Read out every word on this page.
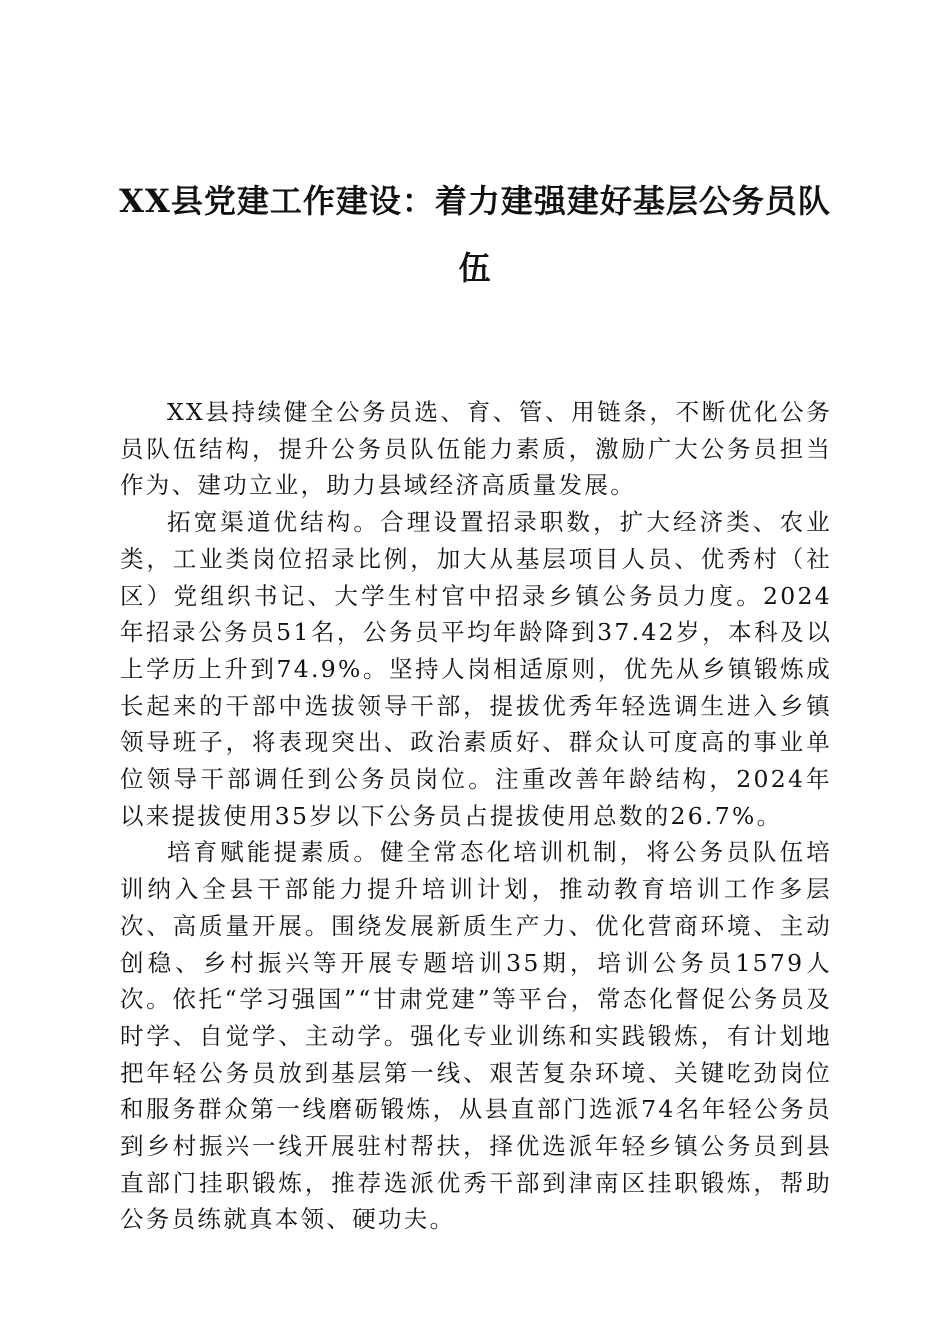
XX县党建工作建设：着力建强建好基层公务员队伍

XX县持续健全公务员选、育、管、用链条，不断优化公务员队伍结构，提升公务员队伍能力素质，激励广大公务员担当作为、建功立业，助力县域经济高质量发展。

拓宽渠道优结构。合理设置招录职数，扩大经济类、农业类，工业类岗位招录比例，加大从基层项目人员、优秀村（社区）党组织书记、大学生村官中招录乡镇公务员力度。2024年招录公务员51名，公务员平均年龄降到37.42岁，本科及以上学历上升到74.9%。坚持人岗相适原则，优先从乡镇锻炼成长起来的干部中选拔领导干部，提拔优秀年轻选调生进入乡镇领导班子，将表现突出、政治素质好、群众认可度高的事业单位领导干部调任到公务员岗位。注重改善年龄结构，2024年以来提拔使用35岁以下公务员占提拔使用总数的26.7%。

培育赋能提素质。健全常态化培训机制，将公务员队伍培训纳入全县干部能力提升培训计划，推动教育培训工作多层次、高质量开展。围绕发展新质生产力、优化营商环境、主动创稳、乡村振兴等开展专题培训35期，培训公务员1579人次。依托“学习强国”“甘肃党建”等平台，常态化督促公务员及时学、自觉学、主动学。强化专业训练和实践锻炼，有计划地把年轻公务员放到基层第一线、艰苦复杂环境、关键吃劲岗位和服务群众第一线磨砺锻炼，从县直部门选派74名年轻公务员到乡村振兴一线开展驻村帮扶，择优选派年轻乡镇公务员到县直部门挂职锻炼，推荐选派优秀干部到津南区挂职锻炼，帮助公务员练就真本领、硬功夫。
